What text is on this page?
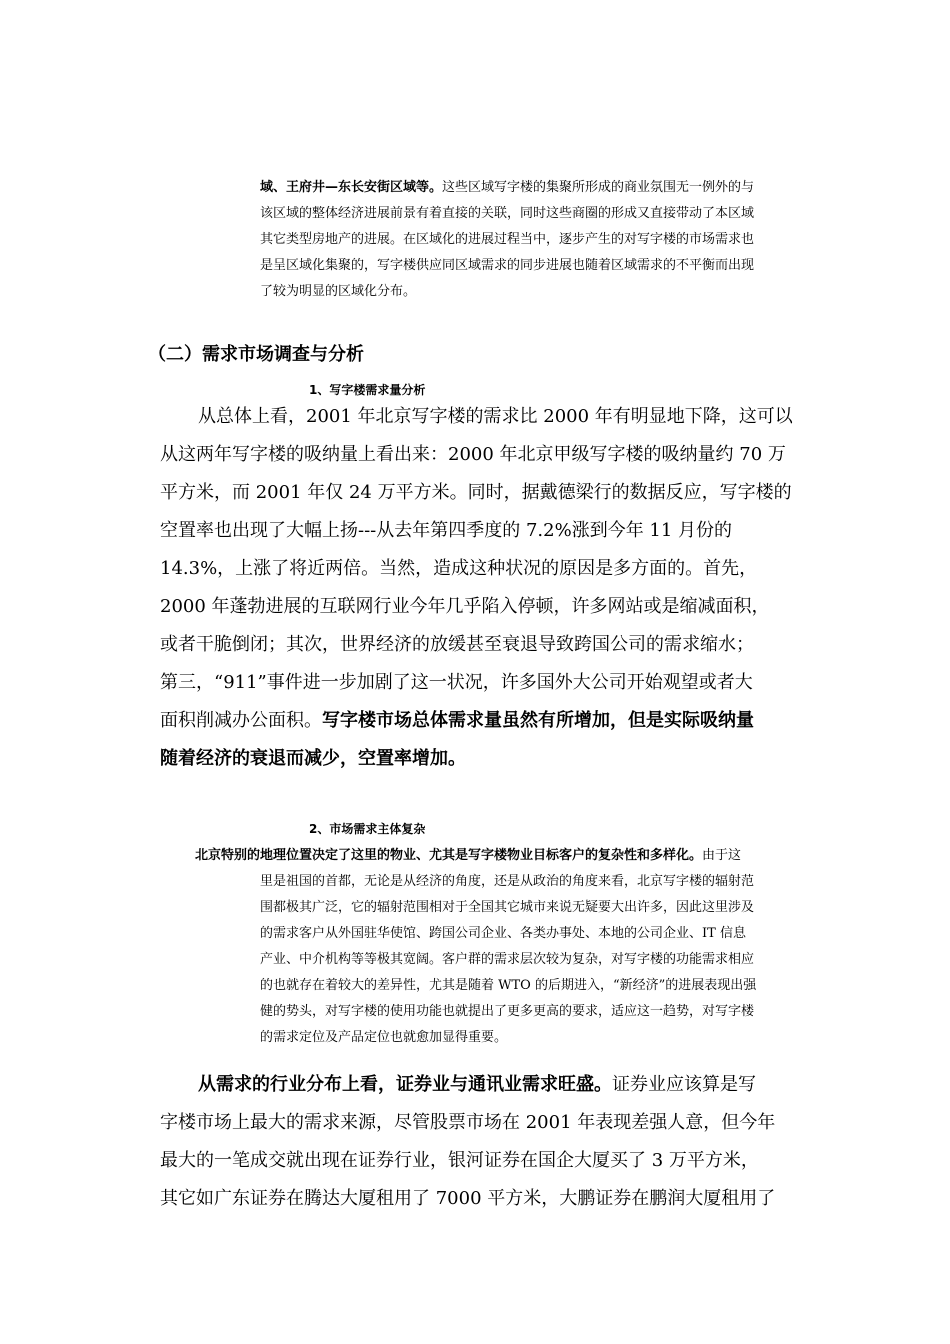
域、王府井—东长安街区域等。这些区域写字楼的集聚所形成的商业氛围无一例外的与
该区域的整体经济进展前景有着直接的关联，同时这些商圈的形成又直接带动了本区域
其它类型房地产的进展。在区域化的进展过程当中，逐步产生的对写字楼的市场需求也
是呈区域化集聚的，写字楼供应同区域需求的同步进展也随着区域需求的不平衡而出现
了较为明显的区域化分布。
（二）需求市场调查与分析
1、写字楼需求量分析
从总体上看，2001 年北京写字楼的需求比 2000 年有明显地下降，这可以
从这两年写字楼的吸纳量上看出来：2000 年北京甲级写字楼的吸纳量约 70 万
平方米，而 2001 年仅 24 万平方米。同时，据戴德梁行的数据反应，写字楼的
空置率也出现了大幅上扬---从去年第四季度的 7.2%涨到今年 11 月份的
14.3%，上涨了将近两倍。当然，造成这种状况的原因是多方面的。首先，
2000 年蓬勃进展的互联网行业今年几乎陷入停顿，许多网站或是缩减面积，
或者干脆倒闭；其次，世界经济的放缓甚至衰退导致跨国公司的需求缩水；
第三，“911”事件进一步加剧了这一状况，许多国外大公司开始观望或者大
面积削减办公面积。写字楼市场总体需求量虽然有所增加，但是实际吸纳量
随着经济的衰退而减少，空置率增加。
2、市场需求主体复杂
北京特别的地理位置决定了这里的物业、尤其是写字楼物业目标客户的复杂性和多样化。由于这
里是祖国的首都，无论是从经济的角度，还是从政治的角度来看，北京写字楼的辐射范
围都极其广泛，它的辐射范围相对于全国其它城市来说无疑要大出许多，因此这里涉及
的需求客户从外国驻华使馆、跨国公司企业、各类办事处、本地的公司企业、IT 信息
产业、中介机构等等极其宽阔。客户群的需求层次较为复杂，对写字楼的功能需求相应
的也就存在着较大的差异性，尤其是随着 WTO 的后期进入，“新经济”的进展表现出强
健的势头，对写字楼的使用功能也就提出了更多更高的要求，适应这一趋势，对写字楼
的需求定位及产品定位也就愈加显得重要。
从需求的行业分布上看，证券业与通讯业需求旺盛。证券业应该算是写
字楼市场上最大的需求来源，尽管股票市场在 2001 年表现差强人意，但今年
最大的一笔成交就出现在证券行业，银河证券在国企大厦买了 3 万平方米，
其它如广东证券在腾达大厦租用了 7000 平方米，大鹏证券在鹏润大厦租用了
